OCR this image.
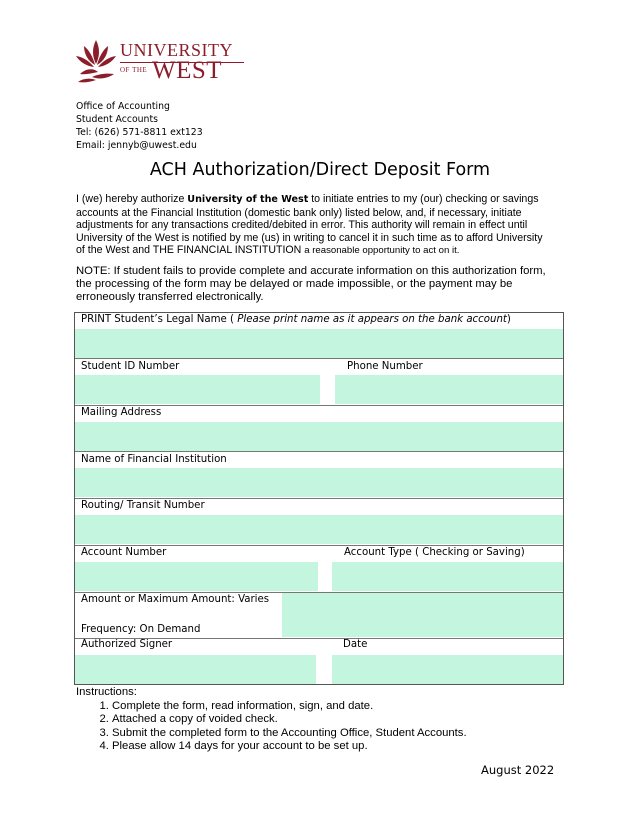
UNIVERSITY
OF THE WEST
Office of Accounting
Student Accounts
Tel: (626) 571-8811 ext123
Email: jennyb@uwest.edu
ACH Authorization/Direct Deposit Form
I (we) hereby authorize University of the West to initiate entries to my (our) checking or savings
accounts at the Financial Institution (domestic bank only) listed below, and, if necessary, initiate
adjustments for any transactions credited/debited in error. This authority will remain in effect until
University of the West is notified by me (us) in writing to cancel it in such time as to afford University
of the West and THE FINANCIAL INSTITUTION a reasonable opportunity to act on it.
NOTE: If student fails to provide complete and accurate information on this authorization form,
the processing of the form may be delayed or made impossible, or the payment may be
erroneously transferred electronically.
PRINT Student’s Legal Name ( Please print name as it appears on the bank account)
Student ID Number	Phone Number
Mailing Address
Name of Financial Institution
Routing/ Transit Number
Account Number	Account Type ( Checking or Saving)
Amount or Maximum Amount: Varies
Frequency: On Demand
Authorized Signer	Date
Instructions:
1. Complete the form, read information, sign, and date.
2. Attached a copy of voided check.
3. Submit the completed form to the Accounting Office, Student Accounts.
4. Please allow 14 days for your account to be set up.
August 2022
